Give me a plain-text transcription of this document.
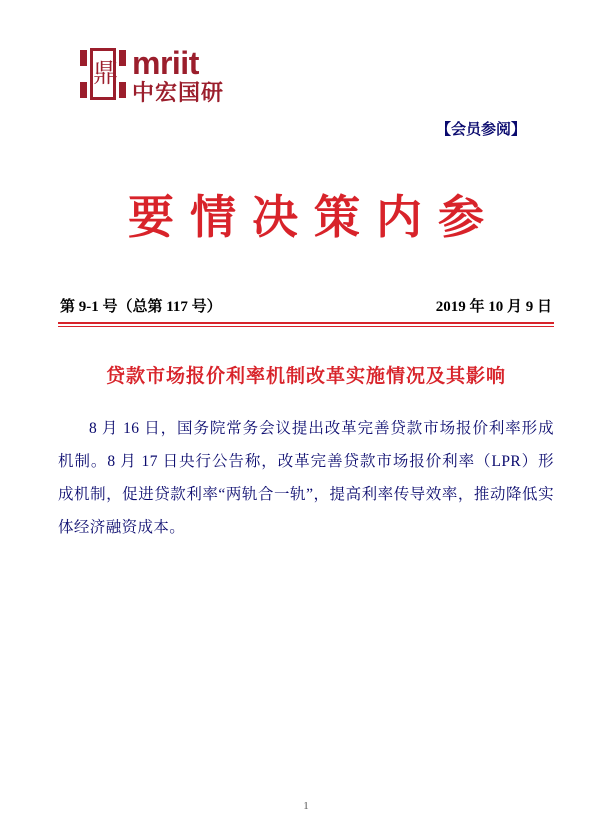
鼎 mriit
中宏国研
【会员参阅】
要情决策内参
第 9-1 号（总第 117 号）	2019 年 10 月 9 日
贷款市场报价利率机制改革实施情况及其影响

8 月 16 日，国务院常务会议提出改革完善贷款市场报价利率形成机制。8 月 17 日央行公告称，改革完善贷款市场报价利率（LPR）形成机制，促进贷款利率“两轨合一轨”，提高利率传导效率，推动降低实体经济融资成本。

1
